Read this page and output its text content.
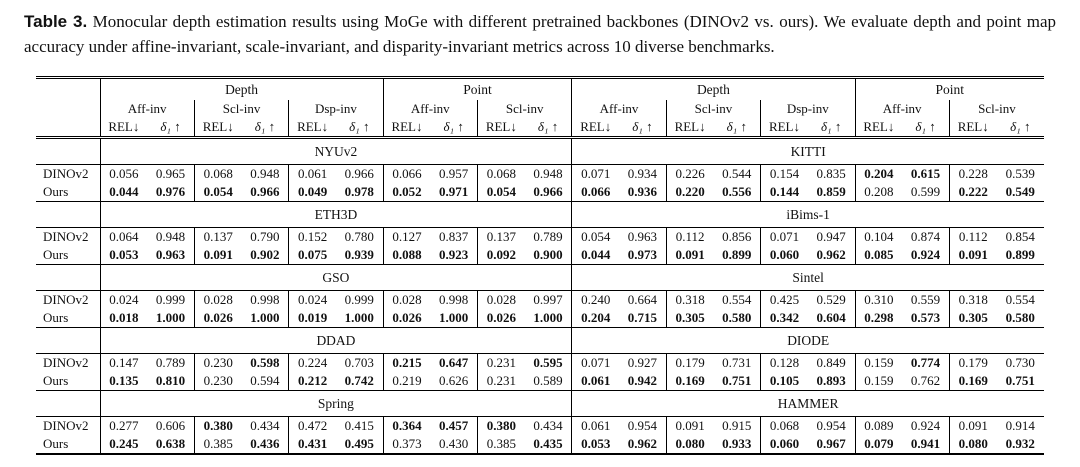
Table 3. Monocular depth estimation results using MoGe with different pretrained backbones (DINOv2 vs. ours). We evaluate depth and point map accuracy under affine-invariant, scale-invariant, and disparity-invariant metrics across 10 diverse benchmarks.
	Depth						Point				Depth						Point			
	Aff-inv		Scl-inv		Dsp-inv		Aff-inv		Scl-inv		Aff-inv		Scl-inv		Dsp-inv		Aff-inv		Scl-inv	
	REL↓	δ₁ ↑	REL↓	δ₁ ↑	REL↓	δ₁ ↑	REL↓	δ₁ ↑	REL↓	δ₁ ↑	REL↓	δ₁ ↑	REL↓	δ₁ ↑	REL↓	δ₁ ↑	REL↓	δ₁ ↑	REL↓	δ₁ ↑
	NYUv2										KITTI									
DINOv2	0.056	0.965	0.068	0.948	0.061	0.966	0.066	0.957	0.068	0.948	0.071	0.934	0.226	0.544	0.154	0.835	0.204	0.615	0.228	0.539
Ours	0.044	0.976	0.054	0.966	0.049	0.978	0.052	0.971	0.054	0.966	0.066	0.936	0.220	0.556	0.144	0.859	0.208	0.599	0.222	0.549
	ETH3D										iBims-1									
DINOv2	0.064	0.948	0.137	0.790	0.152	0.780	0.127	0.837	0.137	0.789	0.054	0.963	0.112	0.856	0.071	0.947	0.104	0.874	0.112	0.854
Ours	0.053	0.963	0.091	0.902	0.075	0.939	0.088	0.923	0.092	0.900	0.044	0.973	0.091	0.899	0.060	0.962	0.085	0.924	0.091	0.899
	GSO										Sintel									
DINOv2	0.024	0.999	0.028	0.998	0.024	0.999	0.028	0.998	0.028	0.997	0.240	0.664	0.318	0.554	0.425	0.529	0.310	0.559	0.318	0.554
Ours	0.018	1.000	0.026	1.000	0.019	1.000	0.026	1.000	0.026	1.000	0.204	0.715	0.305	0.580	0.342	0.604	0.298	0.573	0.305	0.580
	DDAD										DIODE									
DINOv2	0.147	0.789	0.230	0.598	0.224	0.703	0.215	0.647	0.231	0.595	0.071	0.927	0.179	0.731	0.128	0.849	0.159	0.774	0.179	0.730
Ours	0.135	0.810	0.230	0.594	0.212	0.742	0.219	0.626	0.231	0.589	0.061	0.942	0.169	0.751	0.105	0.893	0.159	0.762	0.169	0.751
	Spring										HAMMER									
DINOv2	0.277	0.606	0.380	0.434	0.472	0.415	0.364	0.457	0.380	0.434	0.061	0.954	0.091	0.915	0.068	0.954	0.089	0.924	0.091	0.914
Ours	0.245	0.638	0.385	0.436	0.431	0.495	0.373	0.430	0.385	0.435	0.053	0.962	0.080	0.933	0.060	0.967	0.079	0.941	0.080	0.932
